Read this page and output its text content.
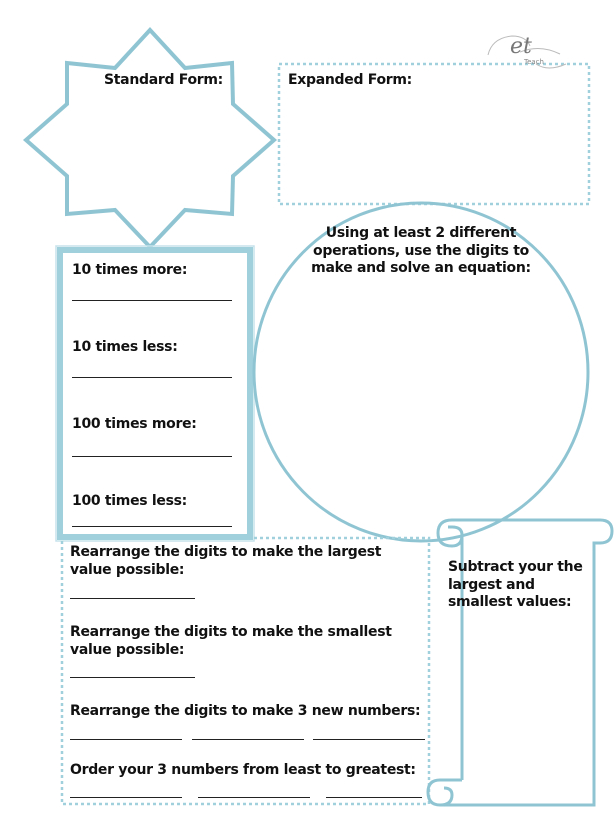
et
Teach
Standard Form:	Expanded Form:
10 times more:
10 times less:
100 times more:
100 times less:
Using at least 2 different operations, use the digits to make and solve an equation:
Rearrange the digits to make the largest value possible:
Rearrange the digits to make the smallest value possible:
Rearrange the digits to make 3 new numbers:
Order your 3 numbers from least to greatest:
Subtract your the largest and smallest values:
